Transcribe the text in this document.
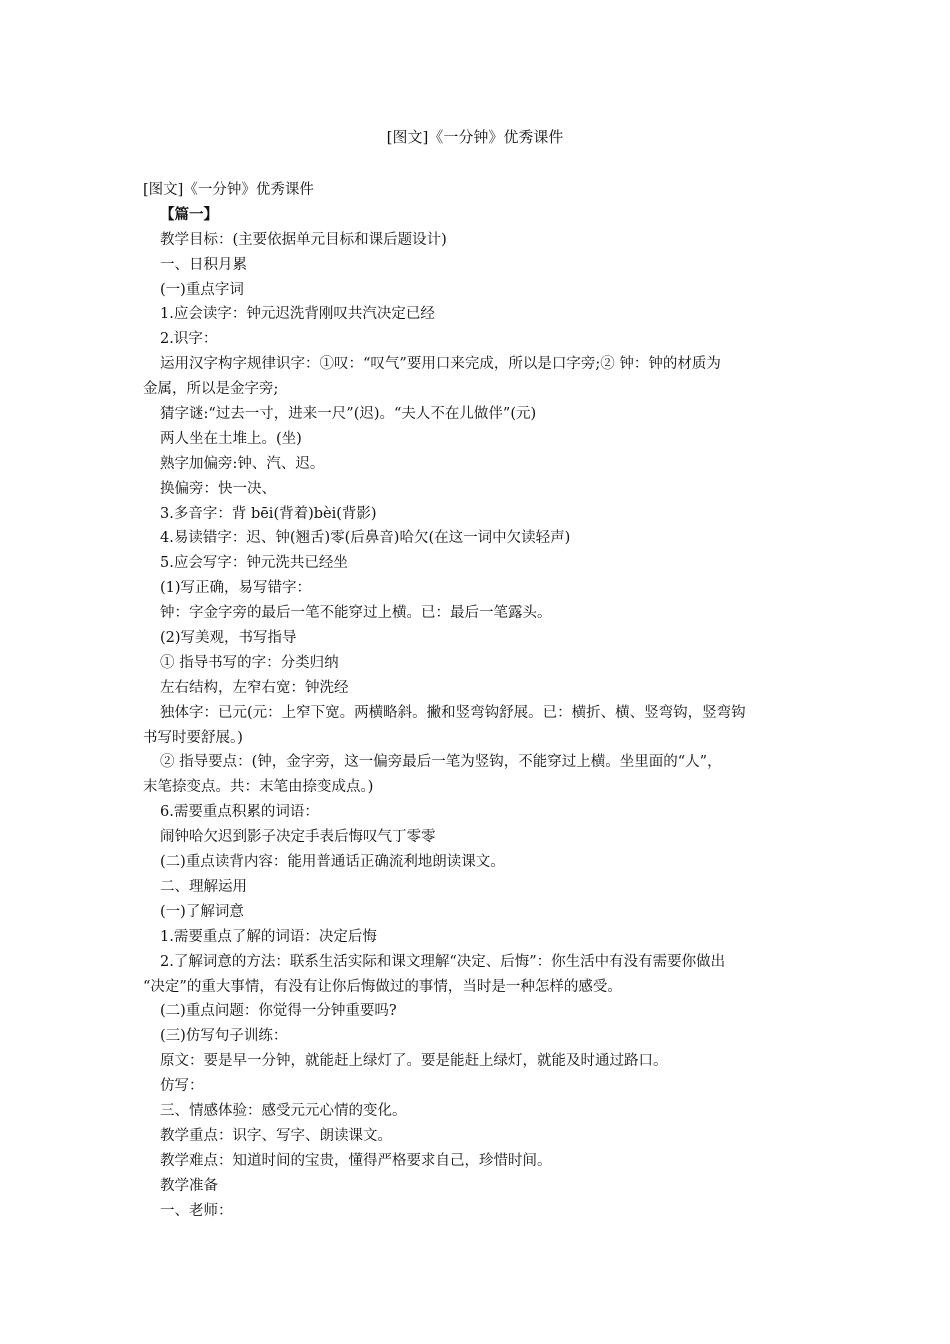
[图文]《一分钟》优秀课件
[图文]《一分钟》优秀课件
【篇一】
教学目标：(主要依据单元目标和课后题设计)
一、日积月累
(一)重点字词
1.应会读字：钟元迟洗背刚叹共汽决定已经
2.识字：
运用汉字构字规律识字：①叹：“叹气”要用口来完成，所以是口字旁;② 钟：钟的材质为
金属，所以是金字旁;
猜字谜:“过去一寸，进来一尺”(迟)。“夫人不在儿做伴”(元)
两人坐在土堆上。(坐)
熟字加偏旁:钟、汽、迟。
换偏旁：快一决、
3.多音字：背 bēi(背着)bèi(背影)
4.易读错字：迟、钟(翘舌)零(后鼻音)哈欠(在这一词中欠读轻声)
5.应会写字：钟元洗共已经坐
(1)写正确，易写错字：
钟：字金字旁的最后一笔不能穿过上横。已：最后一笔露头。
(2)写美观，书写指导
① 指导书写的字：分类归纳
左右结构，左窄右宽：钟洗经
独体字：已元(元：上窄下宽。两横略斜。撇和竖弯钩舒展。已：横折、横、竖弯钩，竖弯钩
书写时要舒展。)
② 指导要点：(钟，金字旁，这一偏旁最后一笔为竖钩，不能穿过上横。坐里面的“人”，
末笔捺变点。共：末笔由捺变成点。)
6.需要重点积累的词语：
闹钟哈欠迟到影子决定手表后悔叹气丁零零
(二)重点读背内容：能用普通话正确流利地朗读课文。
二、理解运用
(一)了解词意
1.需要重点了解的词语：决定后悔
2.了解词意的方法：联系生活实际和课文理解“决定、后悔”：你生活中有没有需要你做出
“决定”的重大事情，有没有让你后悔做过的事情，当时是一种怎样的感受。
(二)重点问题：你觉得一分钟重要吗?
(三)仿写句子训练：
原文：要是早一分钟，就能赶上绿灯了。要是能赶上绿灯，就能及时通过路口。
仿写：
三、情感体验：感受元元心情的变化。
教学重点：识字、写字、朗读课文。
教学难点：知道时间的宝贵，懂得严格要求自己，珍惜时间。
教学准备
一、老师：
